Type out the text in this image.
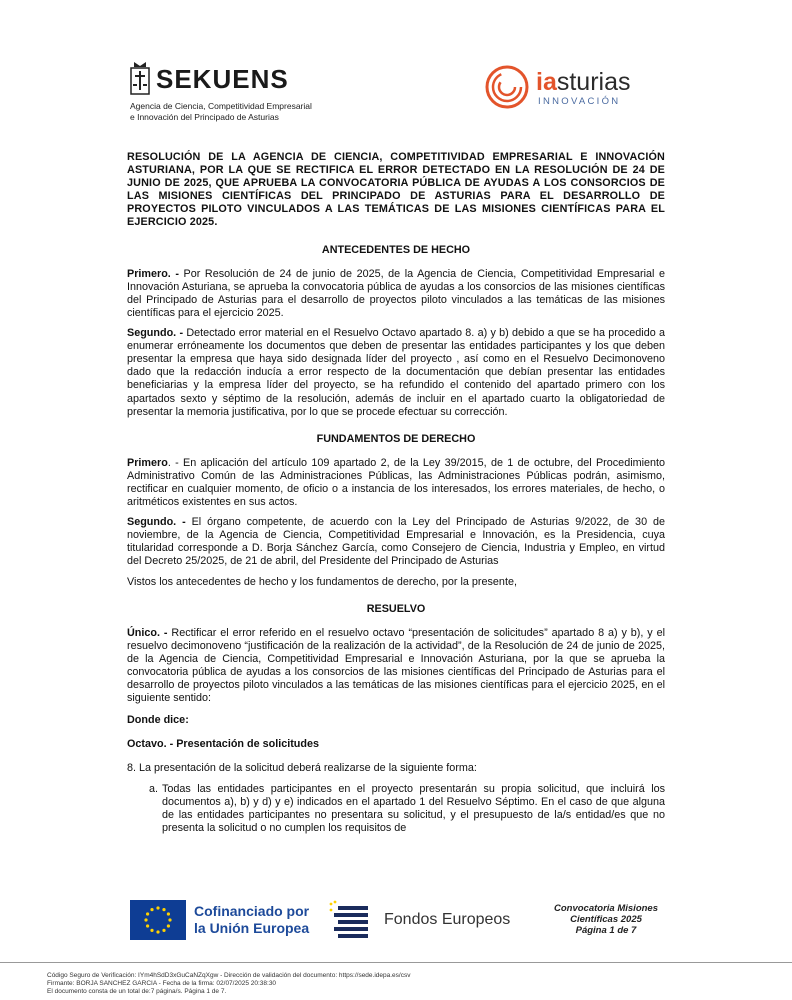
SEKUENS
Agencia de Ciencia, Competitividad Empresarial
e Innovación del Principado de Asturias
iasturias
INNOVACIÓN
RESOLUCIÓN DE LA AGENCIA DE CIENCIA, COMPETITIVIDAD EMPRESARIAL E INNOVACIÓN ASTURIANA, POR LA QUE SE RECTIFICA EL ERROR DETECTADO EN LA RESOLUCIÓN DE 24 DE JUNIO DE 2025, QUE APRUEBA LA CONVOCATORIA PÚBLICA DE AYUDAS A LOS CONSORCIOS DE LAS MISIONES CIENTÍFICAS DEL PRINCIPADO DE ASTURIAS PARA EL DESARROLLO DE PROYECTOS PILOTO VINCULADOS A LAS TEMÁTICAS DE LAS MISIONES CIENTÍFICAS PARA EL EJERCICIO 2025.
ANTECEDENTES DE HECHO

Primero. - Por Resolución de 24 de junio de 2025, de la Agencia de Ciencia, Competitividad Empresarial e Innovación Asturiana, se aprueba la convocatoria pública de ayudas a los consorcios de las misiones científicas del Principado de Asturias para el desarrollo de proyectos piloto vinculados a las temáticas de las misiones científicas para el ejercicio 2025.

Segundo. - Detectado error material en el Resuelvo Octavo apartado 8. a) y b) debido a que se ha procedido a enumerar erróneamente los documentos que deben de presentar las entidades participantes y los que deben presentar la empresa que haya sido designada líder del proyecto , así como en el Resuelvo Decimonoveno dado que la redacción inducía a error respecto de la documentación que debían presentar las entidades beneficiarias y la empresa líder del proyecto, se ha refundido el contenido del apartado primero con los apartados sexto y séptimo de la resolución, además de incluir en el apartado cuarto la obligatoriedad de presentar la memoria justificativa, por lo que se procede efectuar su corrección.

FUNDAMENTOS DE DERECHO

Primero. - En aplicación del artículo 109 apartado 2, de la Ley 39/2015, de 1 de octubre, del Procedimiento Administrativo Común de las Administraciones Públicas, las Administraciones Públicas podrán, asimismo, rectificar en cualquier momento, de oficio o a instancia de los interesados, los errores materiales, de hecho, o aritméticos existentes en sus actos.

Segundo. - El órgano competente, de acuerdo con la Ley del Principado de Asturias 9/2022, de 30 de noviembre, de la Agencia de Ciencia, Competitividad Empresarial e Innovación, es la Presidencia, cuya titularidad corresponde a D. Borja Sánchez García, como Consejero de Ciencia, Industria y Empleo, en virtud del Decreto 25/2025, de 21 de abril, del Presidente del Principado de Asturias

Vistos los antecedentes de hecho y los fundamentos de derecho, por la presente,

RESUELVO

Único. - Rectificar el error referido en el resuelvo octavo “presentación de solicitudes” apartado 8 a) y b), y el resuelvo decimonoveno “justificación de la realización de la actividad”, de la Resolución de 24 de junio de 2025, de la Agencia de Ciencia, Competitividad Empresarial e Innovación Asturiana, por la que se aprueba la convocatoria pública de ayudas a los consorcios de las misiones científicas del Principado de Asturias para el desarrollo de proyectos piloto vinculados a las temáticas de las misiones científicas para el ejercicio 2025, en el siguiente sentido:

Donde dice:
Octavo. - Presentación de solicitudes

8. La presentación de la solicitud deberá realizarse de la siguiente forma:

a. Todas las entidades participantes en el proyecto presentarán su propia solicitud, que incluirá los documentos a), b) y d) y e) indicados en el apartado 1 del Resuelvo Séptimo. En el caso de que alguna de las entidades participantes no presentara su solicitud, y el presupuesto de la/s entidad/es que no presenta la solicitud o no cumplen los requisitos de
Cofinanciado por
la Unión Europea	Fondos Europeos
Convocatoria Misiones
Científicas 2025
Página 1 de 7
Código Seguro de Verificación: IYm4hSdD3xGuCaNZqXgw - Dirección de validación del documento: https://sede.idepa.es/csv
Firmante: BORJA SANCHEZ GARCIA - Fecha de la firma: 02/07/2025 20:38:30
El documento consta de un total de:7 página/s. Página 1 de 7.
